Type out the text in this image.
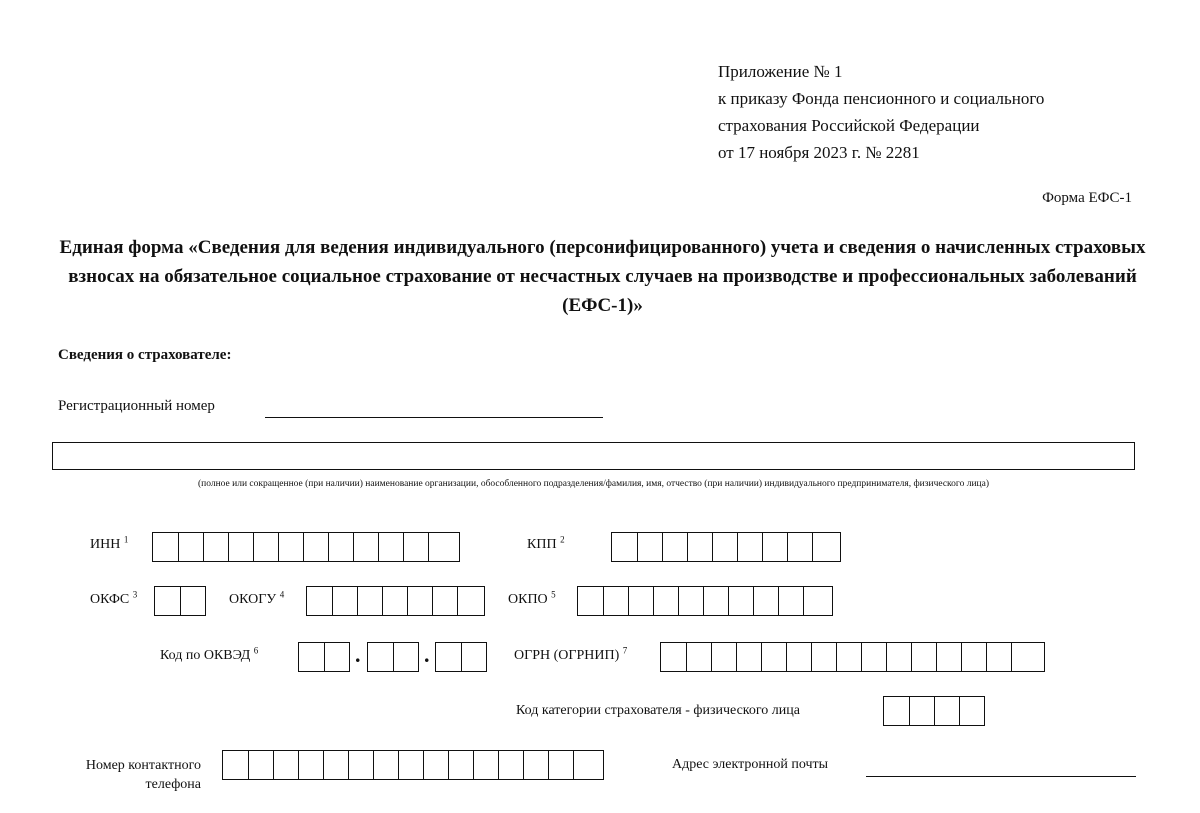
Приложение № 1
к приказу Фонда пенсионного и социального
страхования Российской Федерации
от 17 ноября 2023 г. № 2281
Форма ЕФС-1
Единая форма «Сведения для ведения индивидуального (персонифицированного) учета и сведения о начисленных страховых взносах на обязательное социальное страхование от несчастных случаев на производстве и профессиональных заболеваний (ЕФС-1)»
Сведения о страхователе:
Регистрационный номер
(полное или сокращенное (при наличии) наименование организации, обособленного подразделения/фамилия, имя, отчество (при наличии) индивидуального предпринимателя, физического лица)
ИНН $^1$	КПП $^2$
ОКФС $^3$	ОКОГУ $^4$	ОКПО $^5$
Код по ОКВЭД $^6$	.	.	ОГРН (ОГРНИП) $^7$
Код категории страхователя - физического лица
Номер контактного
телефона
Адрес электронной почты
